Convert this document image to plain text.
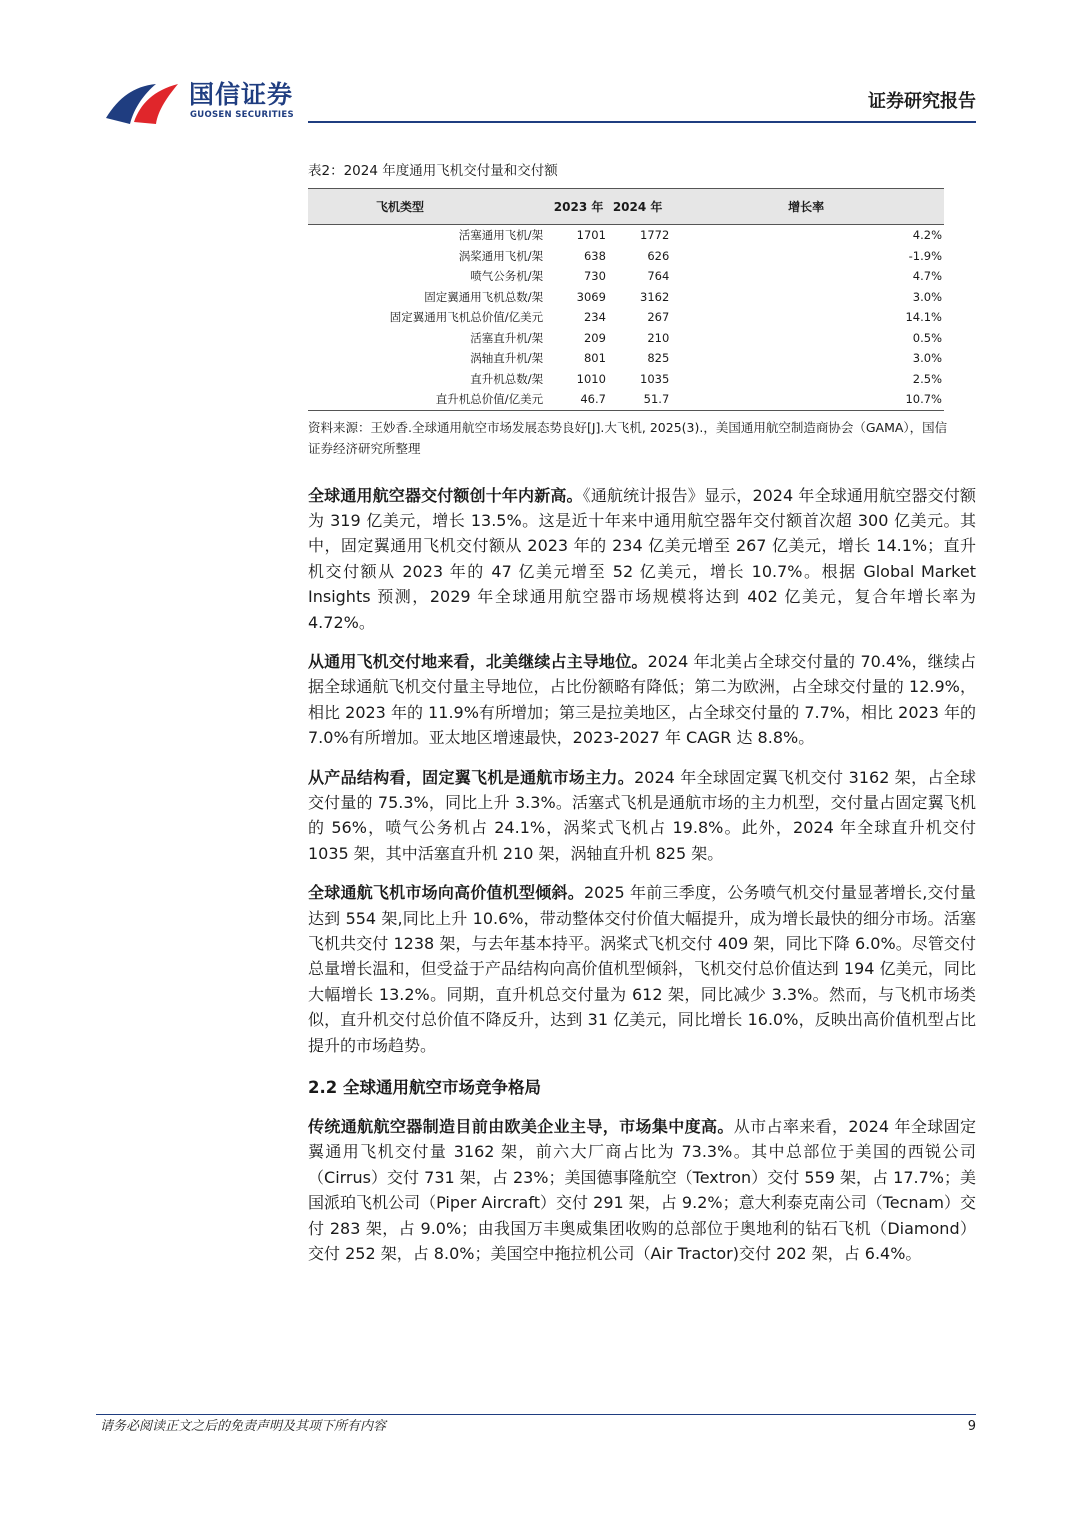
国信证券
GUOSEN SECURITIES
证券研究报告
表2：2024 年度通用飞机交付量和交付额
飞机类型	2023 年	2024 年	增长率
活塞通用飞机/架	1701	1772	4.2%
涡桨通用飞机/架	638	626	-1.9%
喷气公务机/架	730	764	4.7%
固定翼通用飞机总数/架	3069	3162	3.0%
固定翼通用飞机总价值/亿美元	234	267	14.1%
活塞直升机/架	209	210	0.5%
涡轴直升机/架	801	825	3.0%
直升机总数/架	1010	1035	2.5%
直升机总价值/亿美元	46.7	51.7	10.7%
资料来源：王妙香.全球通用航空市场发展态势良好[J].大飞机, 2025(3).，美国通用航空制造商协会（GAMA），国信证券经济研究所整理

全球通用航空器交付额创十年内新高。《通航统计报告》显示，2024 年全球通用航空器交付额为 319 亿美元，增长 13.5%。这是近十年来中通用航空器年交付额首次超 300 亿美元。其中，固定翼通用飞机交付额从 2023 年的 234 亿美元增至 267 亿美元，增长 14.1%；直升机交付额从 2023 年的 47 亿美元增至 52 亿美元，增长 10.7%。根据 Global Market Insights 预测，2029 年全球通用航空器市场规模将达到 402 亿美元，复合年增长率为 4.72%。

从通用飞机交付地来看，北美继续占主导地位。2024 年北美占全球交付量的 70.4%，继续占据全球通航飞机交付量主导地位，占比份额略有降低；第二为欧洲，占全球交付量的 12.9%，相比 2023 年的 11.9%有所增加；第三是拉美地区，占全球交付量的 7.7%，相比 2023 年的 7.0%有所增加。亚太地区增速最快，2023-2027 年 CAGR 达 8.8%。

从产品结构看，固定翼飞机是通航市场主力。2024 年全球固定翼飞机交付 3162 架，占全球交付量的 75.3%，同比上升 3.3%。活塞式飞机是通航市场的主力机型，交付量占固定翼飞机的 56%，喷气公务机占 24.1%，涡桨式飞机占 19.8%。此外，2024 年全球直升机交付 1035 架，其中活塞直升机 210 架，涡轴直升机 825 架。

全球通航飞机市场向高价值机型倾斜。2025 年前三季度，公务喷气机交付量显著增长,交付量达到 554 架,同比上升 10.6%，带动整体交付价值大幅提升，成为增长最快的细分市场。活塞飞机共交付 1238 架，与去年基本持平。涡桨式飞机交付 409 架，同比下降 6.0%。尽管交付总量增长温和，但受益于产品结构向高价值机型倾斜，飞机交付总价值达到 194 亿美元，同比大幅增长 13.2%。同期，直升机总交付量为 612 架，同比减少 3.3%。然而，与飞机市场类似，直升机交付总价值不降反升，达到 31 亿美元，同比增长 16.0%，反映出高价值机型占比提升的市场趋势。

2.2 全球通用航空市场竞争格局

传统通航航空器制造目前由欧美企业主导，市场集中度高。从市占率来看，2024 年全球固定翼通用飞机交付量 3162 架，前六大厂商占比为 73.3%。其中总部位于美国的西锐公司（Cirrus）交付 731 架，占 23%；美国德事隆航空（Textron）交付 559 架，占 17.7%；美国派珀飞机公司（Piper Aircraft）交付 291 架，占 9.2%；意大利泰克南公司（Tecnam）交付 283 架，占 9.0%；由我国万丰奥威集团收购的总部位于奥地利的钻石飞机（Diamond）交付 252 架，占 8.0%；美国空中拖拉机公司（Air Tractor)交付 202 架，占 6.4%。

请务必阅读正文之后的免责声明及其项下所有内容	9
